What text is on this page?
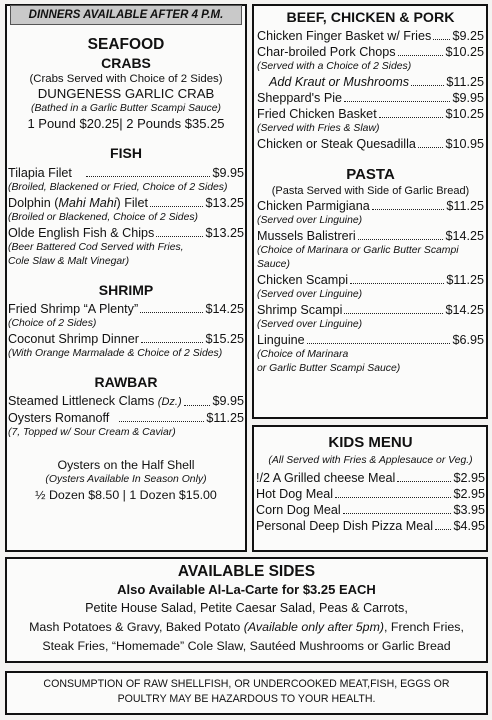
DINNERS AVAILABLE AFTER 4 P.M.
SEAFOOD
CRABS
(Crabs Served with Choice of 2 Sides)
DUNGENESS GARLIC CRAB
(Bathed in a Garlic Butter Scampi Sauce)
1 Pound $20.25| 2 Pounds $35.25
FISH
Tilapia Filet	$9.95
(Broiled, Blackened or Fried, Choice of 2 Sides)
Dolphin (Mahi Mahi) Filet	$13.25
(Broiled or Blackened, Choice of 2 Sides)
Olde English Fish & Chips	$13.25
(Beer Battered Cod Served with Fries,
Cole Slaw & Malt Vinegar)
SHRIMP
Fried Shrimp “A Plenty”	$14.25
(Choice of 2 Sides)
Coconut Shrimp Dinner	$15.25
(With Orange Marmalade & Choice of 2 Sides)
RAWBAR
Steamed Littleneck Clams (Dz.) $9.95
Oysters Romanoff	$11.25
(7, Topped w/ Sour Cream & Caviar)
Oysters on the Half Shell
(Oysters Available In Season Only)
½ Dozen $8.50 | 1 Dozen $15.00
BEEF, CHICKEN & PORK
Chicken Finger Basket w/ Fries $9.25
Char-broiled Pork Chops	$10.25
(Served with a Choice of 2 Sides)
Add Kraut or Mushrooms	$11.25
Sheppard's Pie	$9.95
Fried Chicken Basket	$10.25
(Served with Fries & Slaw)
Chicken or Steak Quesadilla $10.95
PASTA
(Pasta Served with Side of Garlic Bread)
Chicken Parmigiana	$11.25
(Served over Linguine)
Mussels Balistreri	$14.25
(Choice of Marinara or Garlic Butter Scampi
Sauce)
Chicken Scampi	$11.25
(Served over Linguine)
Shrimp Scampi	$14.25
(Served over Linguine)
Linguine	$6.95
(Choice of Marinara
or Garlic Butter Scampi Sauce)
KIDS MENU
(All Served with Fries & Applesauce or Veg.)
!/2 A Grilled cheese Meal	$2.95
Hot Dog Meal	$2.95
Corn Dog Meal	$3.95
Personal Deep Dish Pizza Meal $4.95
AVAILABLE SIDES
Also Available Al-La-Carte for $3.25 EACH
Petite House Salad, Petite Caesar Salad, Peas & Carrots,
Mash Potatoes & Gravy, Baked Potato (Available only after 5pm), French Fries,
Steak Fries, “Homemade” Cole Slaw, Sautéed Mushrooms or Garlic Bread
CONSUMPTION OF RAW SHELLFISH, OR UNDERCOOKED MEAT,FISH, EGGS OR
POULTRY MAY BE HAZARDOUS TO YOUR HEALTH.
